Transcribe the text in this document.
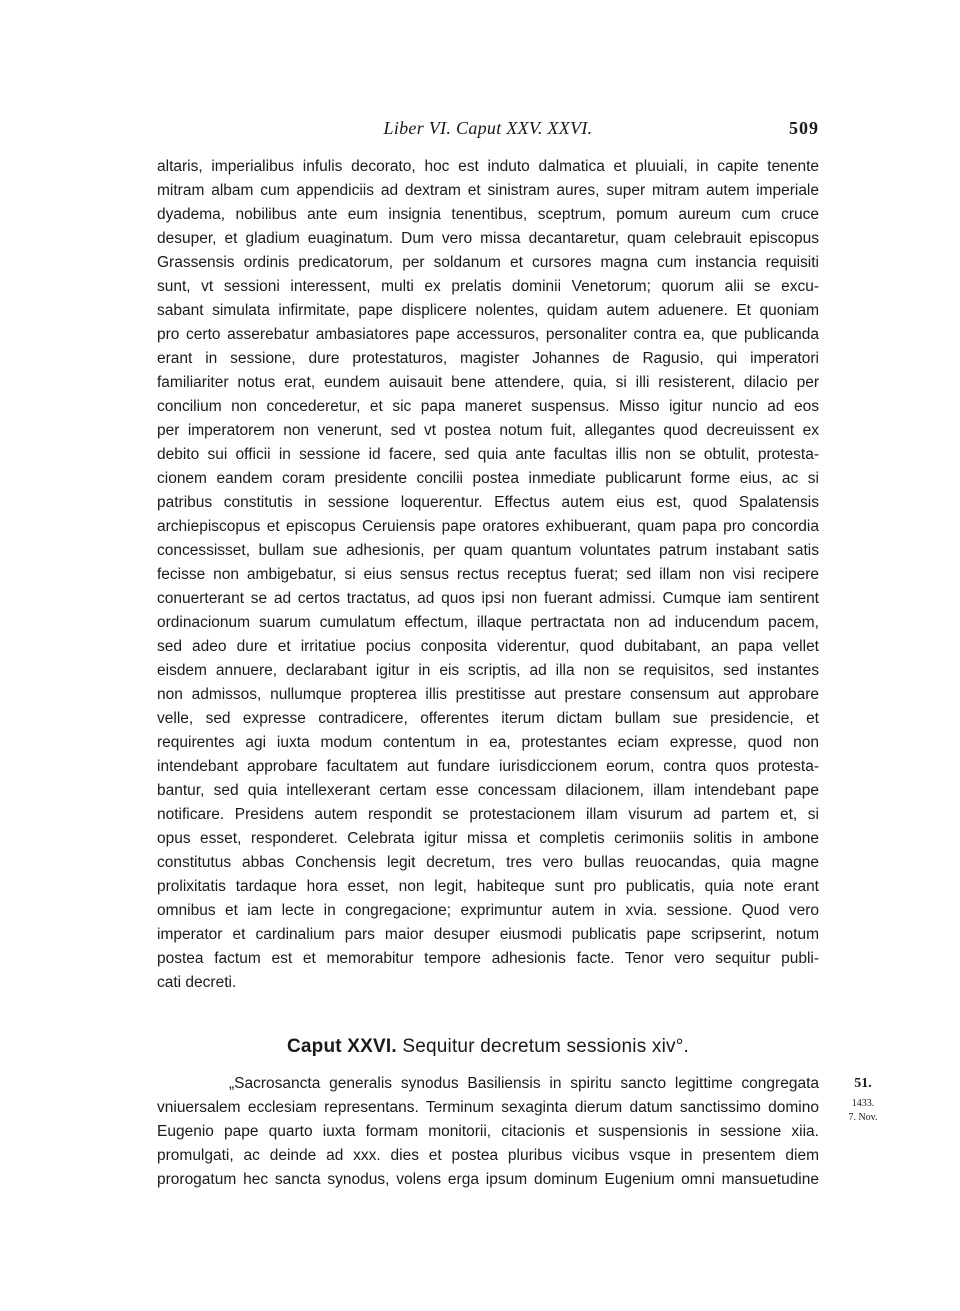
Liber VI. Caput XXV. XXVI.	509
altaris, imperialibus infulis decorato, hoc est induto dalmatica et pluuiali, in capite tenente
mitram albam cum appendiciis ad dextram et sinistram aures, super mitram autem imperiale
dyadema, nobilibus ante eum insignia tenentibus, sceptrum, pomum aureum cum cruce
desuper, et gladium euaginatum. Dum vero missa decantaretur, quam celebrauit episcopus
Grassensis ordinis predicatorum, per soldanum et cursores magna cum instancia requisiti
sunt, vt sessioni interessent, multi ex prelatis dominii Venetorum; quorum alii se excu-
sabant simulata infirmitate, pape displicere nolentes, quidam autem aduenere. Et quoniam
pro certo asserebatur ambasiatores pape accessuros, personaliter contra ea, que publicanda
erant in sessione, dure protestaturos, magister Johannes de Ragusio, qui imperatori
familiariter notus erat, eundem auisauit bene attendere, quia, si illi resisterent, dilacio per
concilium non concederetur, et sic papa maneret suspensus. Misso igitur nuncio ad eos
per imperatorem non venerunt, sed vt postea notum fuit, allegantes quod decreuissent ex
debito sui officii in sessione id facere, sed quia ante facultas illis non se obtulit, protesta-
cionem eandem coram presidente concilii postea inmediate publicarunt forme eius, ac si
patribus constitutis in sessione loquerentur. Effectus autem eius est, quod Spalatensis
archiepiscopus et episcopus Ceruiensis pape oratores exhibuerant, quam papa pro concordia
concessisset, bullam sue adhesionis, per quam quantum voluntates patrum instabant satis
fecisse non ambigebatur, si eius sensus rectus receptus fuerat; sed illam non visi recipere
conuerterant se ad certos tractatus, ad quos ipsi non fuerant admissi. Cumque iam sentirent
ordinacionum suarum cumulatum effectum, illaque pertractata non ad inducendum pacem,
sed adeo dure et irritatiue pocius conposita viderentur, quod dubitabant, an papa vellet
eisdem annuere, declarabant igitur in eis scriptis, ad illa non se requisitos, sed instantes
non admissos, nullumque propterea illis prestitisse aut prestare consensum aut approbare
velle, sed expresse contradicere, offerentes iterum dictam bullam sue presidencie, et
requirentes agi iuxta modum contentum in ea, protestantes eciam expresse, quod non
intendebant approbare facultatem aut fundare iurisdiccionem eorum, contra quos protesta-
bantur, sed quia intellexerant certam esse concessam dilacionem, illam intendebant pape
notificare. Presidens autem respondit se protestacionem illam visurum ad partem et, si
opus esset, responderet. Celebrata igitur missa et completis cerimoniis solitis in ambone
constitutus abbas Conchensis legit decretum, tres vero bullas reuocandas, quia magne
prolixitatis tardaque hora esset, non legit, habiteque sunt pro publicatis, quia note erant
omnibus et iam lecte in congregacione; exprimuntur autem in xvia. sessione. Quod vero
imperator et cardinalium pars maior desuper eiusmodi publicatis pape scripserint, notum
postea factum est et memorabitur tempore adhesionis facte. Tenor vero sequitur publi-
cati decreti.
Caput XXVI. Sequitur decretum sessionis xiv°.
„Sacrosancta generalis synodus Basiliensis in spiritu sancto legittime congregata
vniuersalem ecclesiam representans. Terminum sexaginta dierum datum sanctissimo domino
Eugenio pape quarto iuxta formam monitorii, citacionis et suspensionis in sessione xiia.
promulgati, ac deinde ad xxx. dies et postea pluribus vicibus vsque in presentem diem
prorogatum hec sancta synodus, volens erga ipsum dominum Eugenium omni mansuetudine
51.
1433.
7. Nov.
